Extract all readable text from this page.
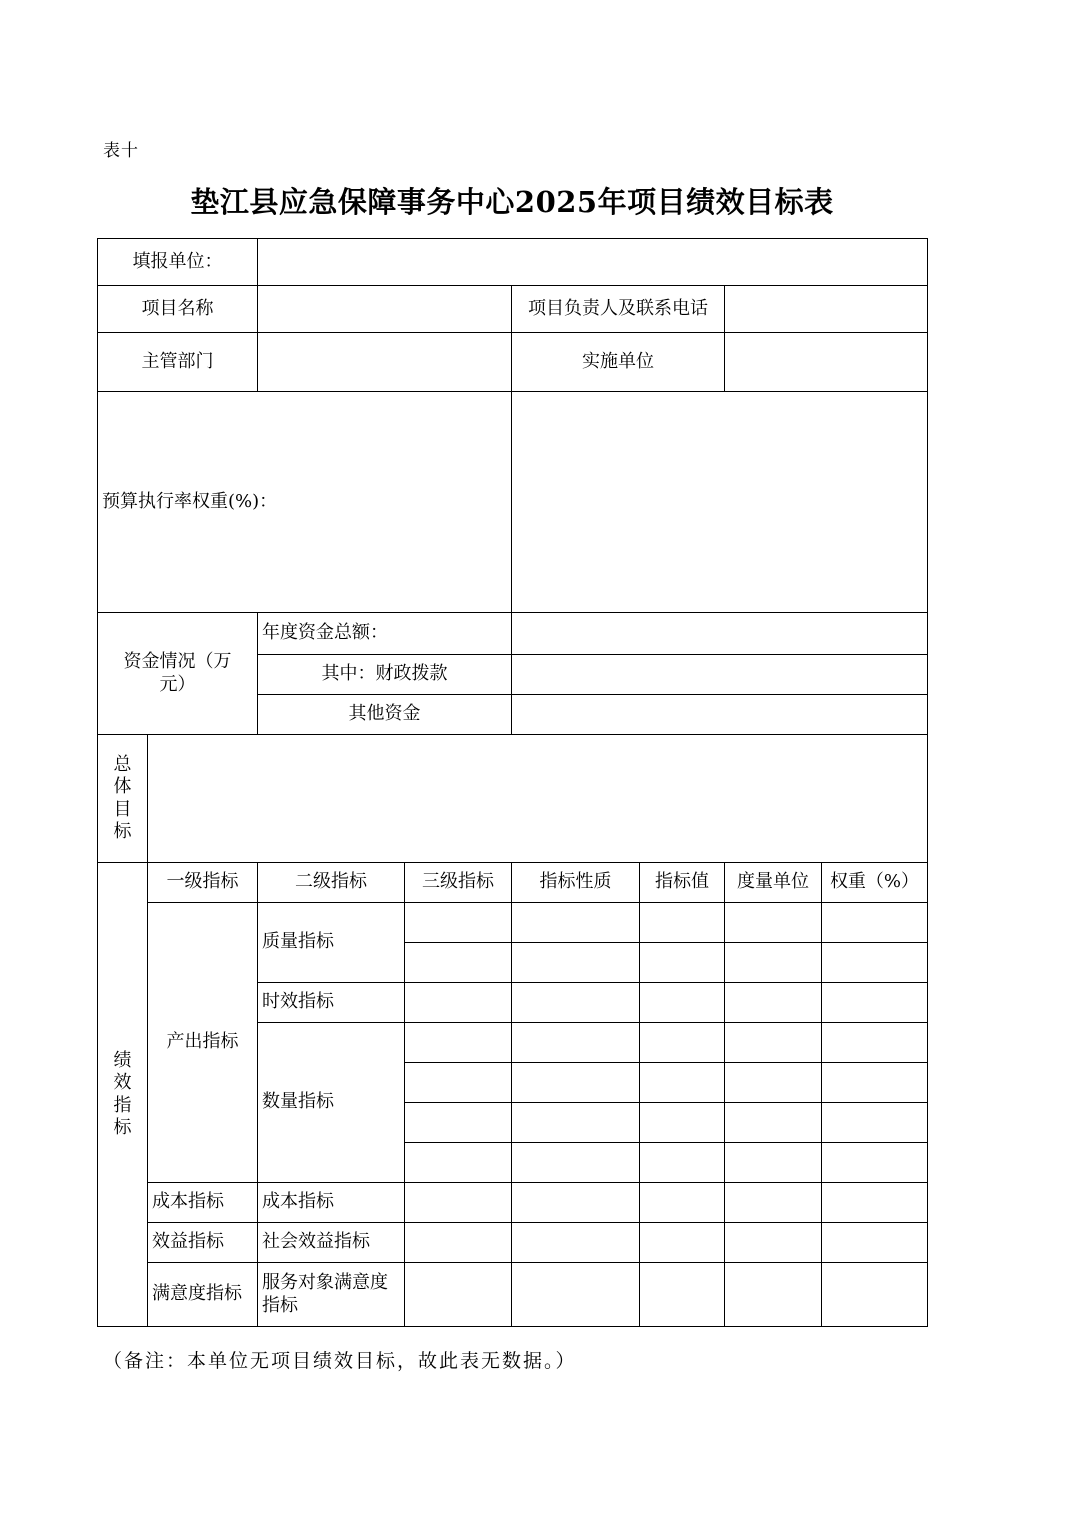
表十
垫江县应急保障事务中心2025年项目绩效目标表
填报单位：							
项目名称				项目负责人及联系电话			
主管部门				实施单位			
预算执行率权重(%)：							
资金情况（万元）		年度资金总额：					
		其中：财政拨款					
		其他资金					

总
体
目
标							

绩
效
指
标	一级指标	二级指标	三级指标	指标性质	指标值	度量单位	权重（%）
	产出指标	质量指标					

		时效指标					
		数量指标					

	成本指标	成本指标					
	效益指标	社会效益指标					
	满意度指标	服务对象满意度指标					
（备注：本单位无项目绩效目标，故此表无数据。）
